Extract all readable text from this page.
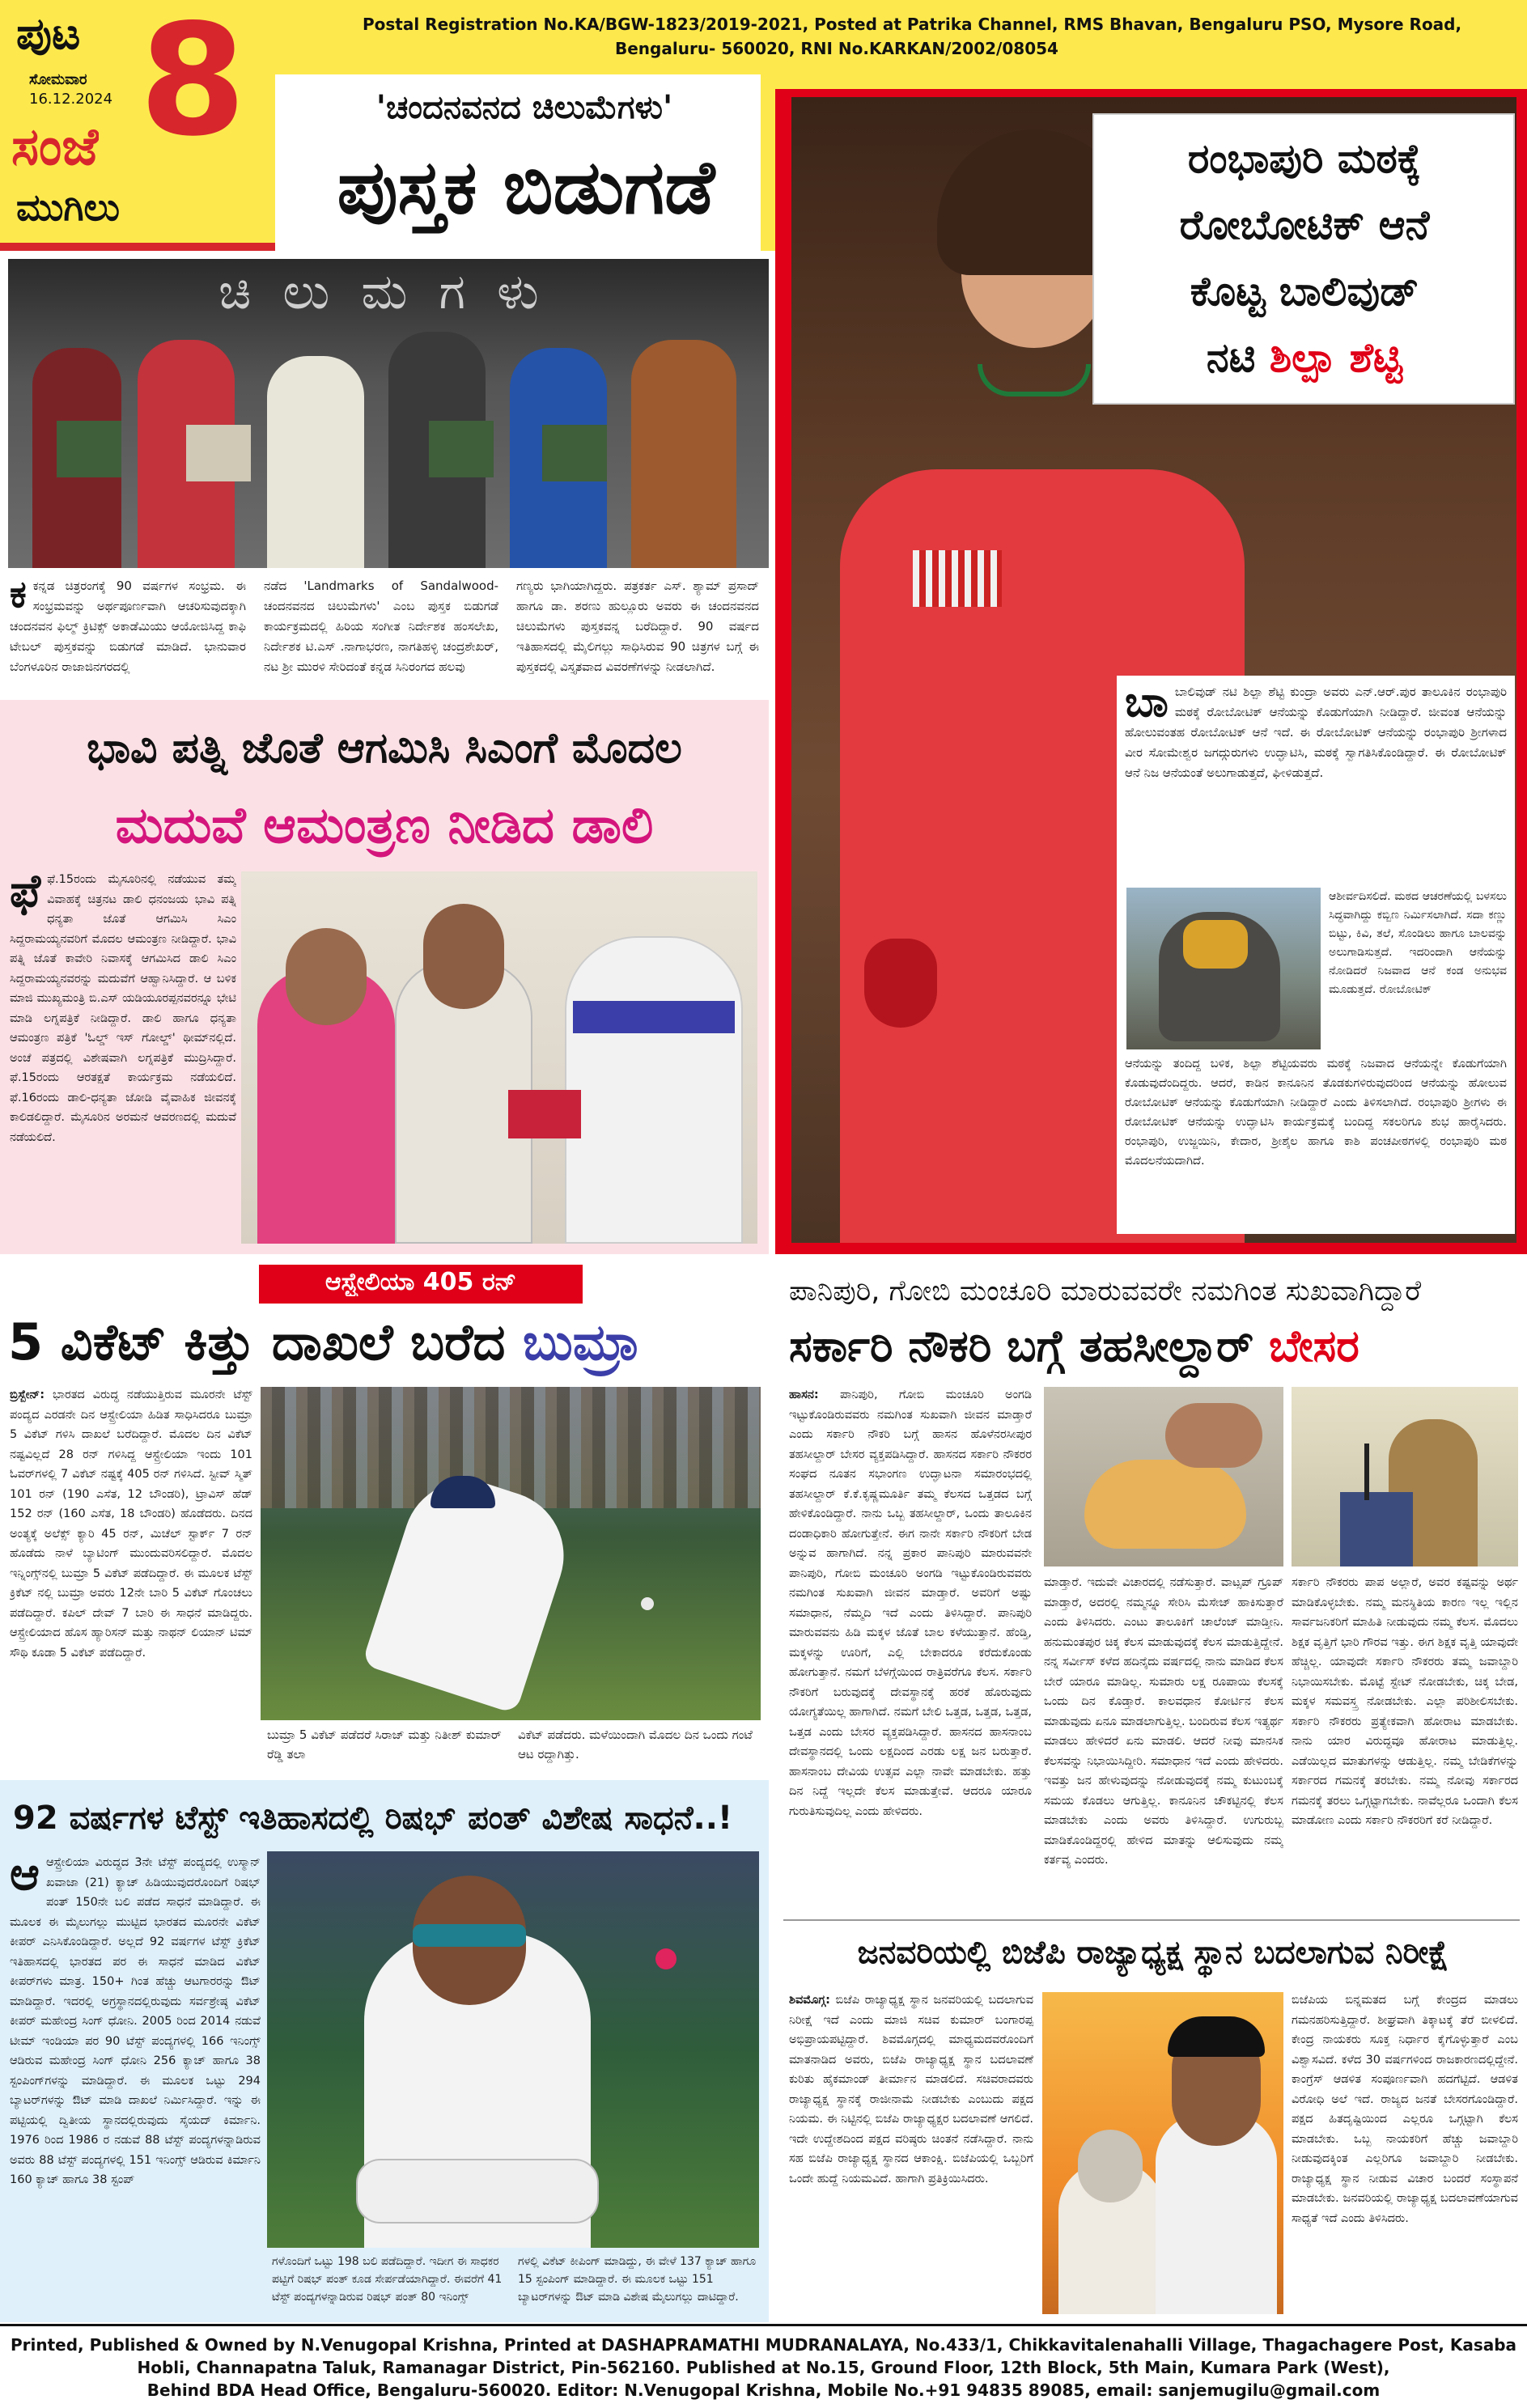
ಪುಟ
ಸೋಮವಾರ
16.12.2024 8
ಸಂಜೆ
ಮುಗಿಲು
Postal Registration No.KA/BGW-1823/2019-2021, Posted at Patrika Channel, RMS Bhavan, Bengaluru PSO, Mysore Road,
Bengaluru- 560020, RNI No.KARKAN/2002/08054
'ಚಂದನವನದ ಚಿಲುಮೆಗಳು'
ಪುಸ್ತಕ ಬಿಡುಗಡೆ
ಚಿ ಲು ಮ ಗ ಳು
ಕಕನ್ನಡ ಚಿತ್ರರಂಗಕ್ಕೆ 90 ವರ್ಷಗಳ ಸಂಭ್ರಮ. ಈ ಸಂಭ್ರಮವನ್ನು ಅರ್ಥಪೂರ್ಣವಾಗಿ ಆಚರಿಸುವುದಕ್ಕಾಗಿ ಚಂದನವನ ಫಿಲ್ಮ್ ಕ್ರಿಟಿಕ್ಸ್ ಅಕಾಡೆಮಿಯು ಆಯೋಜಿಸಿದ್ದ ಕಾಫಿ ಟೇಬಲ್ ಪುಸ್ತಕವನ್ನು ಬಿಡುಗಡೆ ಮಾಡಿದೆ. ಭಾನುವಾರ ಬೆಂಗಳೂರಿನ ರಾಜಾಜಿನಗರದಲ್ಲಿ
ನಡೆದ 'Landmarks of Sandalwood- ಚಂದನವನದ ಚಿಲುಮೆಗಳು' ಎಂಬ ಪುಸ್ತಕ ಬಿಡುಗಡೆ ಕಾರ್ಯಕ್ರಮದಲ್ಲಿ ಹಿರಿಯ ಸಂಗೀತ ನಿರ್ದೇಶಕ ಹಂಸಲೇಖ, ನಿರ್ದೇಶಕ ಟಿ.ಎಸ್ .ನಾಗಾಭರಣ, ನಾಗತಿಹಳ್ಳಿ ಚಂದ್ರಶೇಖರ್, ನಟ ಶ್ರೀ ಮುರಳಿ ಸೇರಿದಂತೆ ಕನ್ನಡ ಸಿನಿರಂಗದ ಹಲವು
ಗಣ್ಯರು ಭಾಗಿಯಾಗಿದ್ದರು. ಪತ್ರಕರ್ತ ಎಸ್. ಶ್ಯಾಮ್ ಪ್ರಸಾದ್ ಹಾಗೂ ಡಾ. ಶರಣು ಹುಲ್ಲೂರು ಅವರು ಈ ಚಂದನವನದ ಚಿಲುಮೆಗಳು ಪುಸ್ತಕವನ್ನ ಬರೆದಿದ್ದಾರೆ. 90 ವರ್ಷದ ಇತಿಹಾಸದಲ್ಲಿ ಮೈಲಿಗಲ್ಲು ಸಾಧಿಸಿರುವ 90 ಚಿತ್ರಗಳ ಬಗ್ಗೆ ಈ ಪುಸ್ತಕದಲ್ಲಿ ವಿಸ್ತೃತವಾದ ವಿವರಣೆಗಳನ್ನು ನೀಡಲಾಗಿದೆ.
ರಂಭಾಪುರಿ ಮಠಕ್ಕೆ
ರೋಬೋಟಿಕ್ ಆನೆ
ಕೊಟ್ಟ ಬಾಲಿವುಡ್
ನಟಿ ಶಿಲ್ಪಾ ಶೆಟ್ಟಿ
ಬಾಬಾಲಿವುಡ್ ನಟಿ ಶಿಲ್ಪಾ ಶೆಟ್ಟಿ ಕುಂದ್ರಾ ಅವರು ಎನ್.ಆರ್.ಪುರ ತಾಲೂಕಿನ ರಂಭಾಪುರಿ ಮಠಕ್ಕೆ ರೋಬೋಟಿಕ್ ಆನೆಯನ್ನು ಕೊಡುಗೆಯಾಗಿ ನೀಡಿದ್ದಾರೆ. ಜೀವಂತ ಆನೆಯನ್ನು ಹೋಲುವಂತಹ ರೋಬೋಟಿಕ್ ಆನೆ ಇದೆ. ಈ ರೋಬೋಟಿಕ್ ಆನೆಯನ್ನು ರಂಭಾಪುರಿ ಶ್ರೀಗಳಾದ ವೀರ ಸೋಮೇಶ್ವರ ಜಗದ್ಗುರುಗಳು ಉದ್ಘಾಟಿಸಿ, ಮಠಕ್ಕೆ ಸ್ವಾಗತಿಸಿಕೊಂಡಿದ್ದಾರೆ. ಈ ರೋಬೋಟಿಕ್ ಆನೆ ನಿಜ ಆನೆಯಂತೆ ಅಲುಗಾಡುತ್ತದೆ, ಘೀಳಿಡುತ್ತದೆ.
ಆಶೀರ್ವದಿಸಲಿದೆ. ಮಠದ ಆಚರಣೆಯಲ್ಲಿ ಬಳಸಲು ಸಿದ್ಧವಾಗಿದ್ದು ಕಬ್ಬಿಣ ನಿರ್ಮಿಸಲಾಗಿದೆ. ಸದಾ ಕಣ್ಣು ಬಿಟ್ಟು, ಕಿವಿ, ತಲೆ, ಸೊಂಡಿಲು ಹಾಗೂ ಬಾಲವನ್ನು ಅಲುಗಾಡಿಸುತ್ತದೆ. ಇದರಿಂದಾಗಿ ಆನೆಯನ್ನು ನೋಡಿದರೆ ನಿಜವಾದ ಆನೆ ಕಂಡ ಅನುಭವ ಮೂಡುತ್ತದೆ. ರೋಬೋಟಿಕ್
ಆನೆಯನ್ನು ತಂದಿದ್ದ ಬಳಿಕ, ಶಿಲ್ಪಾ ಶೆಟ್ಟಿಯವರು ಮಠಕ್ಕೆ ನಿಜವಾದ ಆನೆಯನ್ನೇ ಕೊಡುಗೆಯಾಗಿ ಕೊಡುವುದೆಂದಿದ್ದರು. ಆದರೆ, ಕಾಡಿನ ಕಾನೂನಿನ ತೊಡಕುಗಳಿರುವುದರಿಂದ ಆನೆಯನ್ನು ಹೋಲುವ ರೋಬೋಟಿಕ್ ಆನೆಯನ್ನು ಕೊಡುಗೆಯಾಗಿ ನೀಡಿದ್ದಾರೆ ಎಂದು ತಿಳಿಸಲಾಗಿದೆ. ರಂಭಾಪುರಿ ಶ್ರೀಗಳು ಈ ರೋಬೋಟಿಕ್ ಆನೆಯನ್ನು ಉದ್ಘಾಟಿಸಿ ಕಾರ್ಯಕ್ರಮಕ್ಕೆ ಬಂದಿದ್ದ ಸಕಲರಿಗೂ ಶುಭ ಹಾರೈಸಿದರು. ರಂಭಾಪುರಿ, ಉಜ್ಜಯಿನಿ, ಕೇದಾರ, ಶ್ರೀಶೈಲ ಹಾಗೂ ಕಾಶಿ ಪಂಚಪೀಠಗಳಲ್ಲಿ ರಂಭಾಪುರಿ ಮಠ ಮೊದಲನೆಯದಾಗಿದೆ.
ಭಾವಿ ಪತ್ನಿ ಜೊತೆ ಆಗಮಿಸಿ ಸಿಎಂಗೆ ಮೊದಲ
ಮದುವೆ ಆಮಂತ್ರಣ ನೀಡಿದ ಡಾಲಿ
ಫೆಫೆ.15ರಂದು ಮೈಸೂರಿನಲ್ಲಿ ನಡೆಯುವ ತಮ್ಮ ವಿವಾಹಕ್ಕೆ ಚಿತ್ರನಟ ಡಾಲಿ ಧನಂಜಯ ಭಾವಿ ಪತ್ನಿ ಧನ್ಯತಾ ಜೊತೆ ಆಗಮಿಸಿ ಸಿಎಂ ಸಿದ್ದರಾಮಯ್ಯನವರಿಗೆ ಮೊದಲ ಆಮಂತ್ರಣ ನೀಡಿದ್ದಾರೆ. ಭಾವಿ ಪತ್ನಿ ಜೊತೆ ಕಾವೇರಿ ನಿವಾಸಕ್ಕೆ ಆಗಮಿಸಿದ ಡಾಲಿ ಸಿಎಂ ಸಿದ್ದರಾಮಯ್ಯನವರನ್ನು ಮದುವೆಗೆ ಆಹ್ವಾನಿಸಿದ್ದಾರೆ. ಆ ಬಳಿಕ ಮಾಜಿ ಮುಖ್ಯಮಂತ್ರಿ ಬಿ.ಎಸ್ ಯಡಿಯೂರಪ್ಪನವರನ್ನೂ ಭೇಟಿ ಮಾಡಿ ಲಗ್ನಪತ್ರಿಕೆ ನೀಡಿದ್ದಾರೆ. ಡಾಲಿ ಹಾಗೂ ಧನ್ಯತಾ ಆಮಂತ್ರಣ ಪತ್ರಿಕೆ 'ಓಲ್ಡ್ ಇಸ್ ಗೋಲ್ಡ್' ಥೀಮ್‌ನಲ್ಲಿದೆ. ಅಂಚೆ ಪತ್ರದಲ್ಲಿ ವಿಶೇಷವಾಗಿ ಲಗ್ನಪತ್ರಿಕೆ ಮುದ್ರಿಸಿದ್ದಾರೆ. ಫೆ.15ರಂದು ಆರತಕ್ಷತೆ ಕಾರ್ಯಕ್ರಮ ನಡೆಯಲಿದೆ. ಫೆ.16ರಂದು ಡಾಲಿ-ಧನ್ಯತಾ ಜೋಡಿ ವೈವಾಹಿಕ ಜೀವನಕ್ಕೆ ಕಾಲಿಡಲಿದ್ದಾರೆ. ಮೈಸೂರಿನ ಅರಮನೆ ಆವರಣದಲ್ಲಿ ಮದುವೆ ನಡೆಯಲಿದೆ.
ಆಸ್ಟ್ರೇಲಿಯಾ 405 ರನ್
5 ವಿಕೆಟ್ ಕಿತ್ತು ದಾಖಲೆ ಬರೆದ ಬುಮ್ರಾ
ಬ್ರಿಸ್ಬೇನ್: ಭಾರತದ ವಿರುದ್ಧ ನಡೆಯುತ್ತಿರುವ ಮೂರನೇ ಟೆಸ್ಟ್ ಪಂದ್ಯದ ಎರಡನೇ ದಿನ ಆಸ್ಟ್ರೇಲಿಯಾ ಹಿಡಿತ ಸಾಧಿಸಿದರೂ ಬುಮ್ರಾ 5 ವಿಕೆಟ್ ಗಳಿಸಿ ದಾಖಲೆ ಬರೆದಿದ್ದಾರೆ. ಮೊದಲ ದಿನ ವಿಕೆಟ್ ನಷ್ಟವಿಲ್ಲದೆ 28 ರನ್ ಗಳಿಸಿದ್ದ ಆಸ್ಟ್ರೇಲಿಯಾ ಇಂದು 101 ಓವರ್‌ಗಳಲ್ಲಿ 7 ವಿಕೆಟ್ ನಷ್ಟಕ್ಕೆ 405 ರನ್ ಗಳಿಸಿದೆ. ಸ್ಟೀವ್ ಸ್ಮಿತ್ 101 ರನ್ (190 ಎಸೆತ, 12 ಬೌಂಡರಿ), ಟ್ರಾವಿಸ್ ಹೆಡ್ 152 ರನ್ (160 ಎಸೆತ, 18 ಬೌಂಡರಿ) ಹೊಡೆದರು. ದಿನದ ಅಂತ್ಯಕ್ಕೆ ಅಲೆಕ್ಸ್ ಕ್ಯಾರಿ 45 ರನ್, ಮಿಚೆಲ್ ಸ್ಟಾರ್ಕ್ 7 ರನ್ ಹೊಡೆದು ನಾಳೆ ಬ್ಯಾಟಿಂಗ್ ಮುಂದುವರಿಸಲಿದ್ದಾರೆ. ಮೊದಲ ಇನ್ನಿಂಗ್ಸ್‌ನಲ್ಲಿ ಬುಮ್ರಾ 5 ವಿಕೆಟ್ ಪಡೆದಿದ್ದಾರೆ. ಈ ಮೂಲಕ ಟೆಸ್ಟ್ ಕ್ರಿಕೆಟ್ ನಲ್ಲಿ ಬುಮ್ರಾ ಅವರು 12ನೇ ಬಾರಿ 5 ವಿಕೆಟ್ ಗೊಂಚಲು ಪಡೆದಿದ್ದಾರೆ. ಕಪಿಲ್ ದೇವ್ 7 ಬಾರಿ ಈ ಸಾಧನೆ ಮಾಡಿದ್ದರು. ಆಸ್ಟ್ರೇಲಿಯಾದ ಹೊಸ ಹ್ಯಾರಿಸನ್ ಮತ್ತು ನಾಥನ್ ಲಿಯಾನ್ ಟಿಮ್ ಸೌಥಿ ಕೂಡಾ 5 ವಿಕೆಟ್ ಪಡೆದಿದ್ದಾರೆ.
ಬುಮ್ರಾ 5 ವಿಕೆಟ್ ಪಡೆದರೆ ಸಿರಾಜ್ ಮತ್ತು ನಿತೀಶ್ ಕುಮಾರ್ ರೆಡ್ಡಿ ತಲಾ
ವಿಕೆಟ್ ಪಡೆದರು. ಮಳೆಯಿಂದಾಗಿ ಮೊದಲ ದಿನ ಒಂದು ಗಂಟೆ ಆಟ ರದ್ದಾಗಿತ್ತು.
92 ವರ್ಷಗಳ ಟೆಸ್ಟ್ ಇತಿಹಾಸದಲ್ಲಿ ರಿಷಭ್ ಪಂತ್ ವಿಶೇಷ ಸಾಧನೆ..!
ಆಆಸ್ಟ್ರೇಲಿಯಾ ವಿರುದ್ಧದ 3ನೇ ಟೆಸ್ಟ್ ಪಂದ್ಯದಲ್ಲಿ ಉಸ್ಮಾನ್ ಖವಾಜಾ (21) ಕ್ಯಾಚ್ ಹಿಡಿಯುವುದರೊಂದಿಗೆ ರಿಷಭ್ ಪಂತ್ 150ನೇ ಬಲಿ ಪಡೆದ ಸಾಧನೆ ಮಾಡಿದ್ದಾರೆ. ಈ ಮೂಲಕ ಈ ಮೈಲುಗಲ್ಲು ಮುಟ್ಟಿದ ಭಾರತದ ಮೂರನೇ ವಿಕೆಟ್ ಕೀಪರ್ ಎನಿಸಿಕೊಂಡಿದ್ದಾರೆ. ಅಲ್ಲದೆ 92 ವರ್ಷಗಳ ಟೆಸ್ಟ್ ಕ್ರಿಕೆಟ್ ಇತಿಹಾಸದಲ್ಲಿ ಭಾರತದ ಪರ ಈ ಸಾಧನೆ ಮಾಡಿದ ವಿಕೆಟ್ ಕೀಪರ್‌ಗಳು ಮಾತ್ರ. 150+ ಗಿಂತ ಹೆಚ್ಚು ಆಟಗಾರರನ್ನು ಔಟ್ ಮಾಡಿದ್ದಾರೆ. ಇದರಲ್ಲಿ ಅಗ್ರಸ್ಥಾನದಲ್ಲಿರುವುದು ಸರ್ವಶ್ರೇಷ್ಠ ವಿಕೆಟ್ ಕೀಪರ್ ಮಹೇಂದ್ರ ಸಿಂಗ್ ಧೋನಿ. 2005 ರಿಂದ 2014 ನಡುವೆ ಟೀಮ್ ಇಂಡಿಯಾ ಪರ 90 ಟೆಸ್ಟ್ ಪಂದ್ಯಗಳಲ್ಲಿ 166 ಇನಿಂಗ್ಸ್ ಆಡಿರುವ ಮಹೇಂದ್ರ ಸಿಂಗ್ ಧೋನಿ 256 ಕ್ಯಾಚ್ ಹಾಗೂ 38 ಸ್ಟಂಪಿಂಗ್‌ಗಳನ್ನು ಮಾಡಿದ್ದಾರೆ. ಈ ಮೂಲಕ ಒಟ್ಟು 294 ಬ್ಯಾಟರ್‌ಗಳನ್ನು ಔಟ್ ಮಾಡಿ ದಾಖಲೆ ನಿರ್ಮಿಸಿದ್ದಾರೆ. ಇನ್ನು ಈ ಪಟ್ಟಿಯಲ್ಲಿ ದ್ವಿತೀಯ ಸ್ಥಾನದಲ್ಲಿರುವುದು ಸೈಯದ್ ಕಿರ್ಮಾನಿ. 1976 ರಿಂದ 1986 ರ ನಡುವೆ 88 ಟೆಸ್ಟ್ ಪಂದ್ಯಗಳನ್ನಾಡಿರುವ ಅವರು 88 ಟೆಸ್ಟ್ ಪಂದ್ಯಗಳಲ್ಲಿ 151 ಇನಿಂಗ್ಸ್ ಆಡಿರುವ ಕಿರ್ಮಾನಿ 160 ಕ್ಯಾಚ್ ಹಾಗೂ 38 ಸ್ಟಂಪ್
ಗಳೊಂದಿಗೆ ಒಟ್ಟು 198 ಬಲಿ ಪಡೆದಿದ್ದಾರೆ. ಇದೀಗ ಈ ಸಾಧಕರ ಪಟ್ಟಿಗೆ ರಿಷಭ್ ಪಂತ್ ಕೂಡ ಸೇರ್ಪಡೆಯಾಗಿದ್ದಾರೆ. ಈವರೆಗೆ 41 ಟೆಸ್ಟ್ ಪಂದ್ಯಗಳನ್ನಾಡಿರುವ ರಿಷಭ್ ಪಂತ್ 80 ಇನಿಂಗ್ಸ್
ಗಳಲ್ಲಿ ವಿಕೆಟ್ ಕೀಪಿಂಗ್ ಮಾಡಿದ್ದು, ಈ ವೇಳೆ 137 ಕ್ಯಾಚ್ ಹಾಗೂ 15 ಸ್ಟಂಪಿಂಗ್ ಮಾಡಿದ್ದಾರೆ. ಈ ಮೂಲಕ ಒಟ್ಟು 151 ಬ್ಯಾಟರ್‌ಗಳನ್ನು ಔಟ್ ಮಾಡಿ ವಿಶೇಷ ಮೈಲುಗಲ್ಲು ದಾಟಿದ್ದಾರೆ.
ಪಾನಿಪುರಿ, ಗೋಬಿ ಮಂಚೂರಿ ಮಾರುವವರೇ ನಮಗಿಂತ ಸುಖವಾಗಿದ್ದಾರೆ
ಸರ್ಕಾರಿ ನೌಕರಿ ಬಗ್ಗೆ ತಹಸೀಲ್ದಾರ್ ಬೇಸರ
ಹಾಸನ: ಪಾನಿಪುರಿ, ಗೋಬಿ ಮಂಚೂರಿ ಅಂಗಡಿ ಇಟ್ಟುಕೊಂಡಿರುವವರು ನಮಗಿಂತ ಸುಖವಾಗಿ ಜೀವನ ಮಾಡ್ತಾರೆ ಎಂದು ಸರ್ಕಾರಿ ನೌಕರಿ ಬಗ್ಗೆ ಹಾಸನ ಹೊಳೆನರಸೀಪುರ ತಹಸೀಲ್ದಾರ್ ಬೇಸರ ವ್ಯಕ್ತಪಡಿಸಿದ್ದಾರೆ. ಹಾಸನದ ಸರ್ಕಾರಿ ನೌಕರರ ಸಂಘದ ನೂತನ ಸಭಾಂಗಣ ಉದ್ಘಾಟನಾ ಸಮಾರಂಭದಲ್ಲಿ ತಹಸೀಲ್ದಾರ್ ಕೆ.ಕೆ.ಕೃಷ್ಣಮೂರ್ತಿ ತಮ್ಮ ಕೆಲಸದ ಒತ್ತಡದ ಬಗ್ಗೆ ಹೇಳಿಕೊಂಡಿದ್ದಾರೆ. ನಾನು ಒಬ್ಬ ತಹಸೀಲ್ದಾರ್, ಒಂದು ತಾಲೂಕಿನ ದಂಡಾಧಿಕಾರಿ ಹೋಗುತ್ತೇನೆ. ಈಗ ನಾನೇ ಸರ್ಕಾರಿ ನೌಕರಿಗೆ ಬೇಡ ಅನ್ನುವ ಹಾಗಾಗಿದೆ. ನನ್ನ ಪ್ರಕಾರ ಪಾನಿಪುರಿ ಮಾರುವವನೇ ಪಾನಿಪುರಿ, ಗೋಬಿ ಮಂಚೂರಿ ಅಂಗಡಿ ಇಟ್ಟುಕೊಂಡಿರುವವರು ನಮಗಿಂತ ಸುಖವಾಗಿ ಜೀವನ ಮಾಡ್ತಾರೆ. ಅವರಿಗೆ ಅಷ್ಟು ಸಮಾಧಾನ, ನೆಮ್ಮದಿ ಇದೆ ಎಂದು ತಿಳಿಸಿದ್ದಾರೆ. ಪಾನಿಪುರಿ ಮಾರುವವನು ಹಿಡಿ ಮಕ್ಕಳ ಜೊತೆ ಬಾಲ ಕಳೆಯುತ್ತಾನೆ. ಹೆಂಡ್ತಿ, ಮಕ್ಕಳನ್ನು ಊರಿಗೆ, ಎಲ್ಲಿ ಬೇಕಾದರೂ ಕರೆದುಕೊಂಡು ಹೋಗುತ್ತಾನೆ. ನಮಗೆ ಬೆಳಗ್ಗೆಯಿಂದ ರಾತ್ರಿವರೆಗೂ ಕೆಲಸ. ಸರ್ಕಾರಿ ನೌಕರಿಗೆ ಬರುವುದಕ್ಕೆ ದೇವಸ್ಥಾನಕ್ಕೆ ಹರಕೆ ಹೊರುವುದು ಯೋಗ್ಯತೆಯಿಲ್ಲ ಹಾಗಾಗಿದೆ. ನಮಗೆ ಬೇಲಿ ಒತ್ತಡ, ಒತ್ತಡ, ಒತ್ತಡ, ಒತ್ತಡ ಎಂದು ಬೇಸರ ವ್ಯಕ್ತಪಡಿಸಿದ್ದಾರೆ. ಹಾಸನದ ಹಾಸನಾಂಬ ದೇವಸ್ಥಾನದಲ್ಲಿ ಒಂದು ಲಕ್ಷದಿಂದ ಎರಡು ಲಕ್ಷ ಜನ ಬರುತ್ತಾರೆ. ಹಾಸನಾಂಬ ದೇವಿಯ ಉತ್ಸವ ಎಲ್ಲಾ ನಾವೇ ಮಾಡಬೇಕು. ಹತ್ತು ದಿನ ನಿದ್ದೆ ಇಲ್ಲದೇ ಕೆಲಸ ಮಾಡುತ್ತೇವೆ. ಆದರೂ ಯಾರೂ ಗುರುತಿಸುವುದಿಲ್ಲ ಎಂದು ಹೇಳಿದರು.
ಮಾಡ್ತಾರೆ. ಇದುವೇ ವಿಚಾರದಲ್ಲಿ ನಡೆಸುತ್ತಾರೆ. ವಾಟ್ಸಪ್ ಗ್ರೂಪ್ ಮಾಡ್ತಾರೆ, ಅದರಲ್ಲಿ ನಮ್ಮನ್ನೂ ಸೇರಿಸಿ ಮೆಸೇಜ್ ಹಾಕಿಸುತ್ತಾರೆ ಎಂದು ತಿಳಿಸಿದರು. ಎಂಟು ತಾಲೂಕಿಗೆ ಚಾಲೆಂಜ್ ಮಾಡ್ತೀನಿ. ಹನುಮಂತಪುರ ಚಿಕ್ಕ ಕೆಲಸ ಮಾಡುವುದಕ್ಕೆ ಕೆಲಸ ಮಾಡುತ್ತಿದ್ದೇನೆ. ನನ್ನ ಸರ್ವೀಸ್ ಕಳೆದ ಹದಿನೈದು ವರ್ಷದಲ್ಲಿ ನಾನು ಮಾಡಿದ ಕೆಲಸ ಬೇರೆ ಯಾರೂ ಮಾಡಿಲ್ಲ. ಸುಮಾರು ಲಕ್ಷ ರೂಪಾಯಿ ಕೆಲಸಕ್ಕೆ ಒಂದು ದಿನ ಕೊಡ್ತಾರೆ. ಕಾಲವಧಾನ ಕೋರ್ಟಿನ ಕೆಲಸ ಮಾಡುವುದು ಏನೂ ಮಾಡಲಾಗುತ್ತಿಲ್ಲ. ಬಂದಿರುವ ಕೆಲಸ ಇತ್ಯರ್ಥ ಮಾಡಲು ಹೇಳಿದರೆ ಏನು ಮಾಡಲಿ. ಆದರೆ ನೀವು ಮಾನಸಿಕ ಕೆಲಸವನ್ನು ನಿಭಾಯಿಸಿದ್ದೀರಿ. ಸಮಾಧಾನ ಇದೆ ಎಂದು ಹೇಳಿದರು. ಇವತ್ತು ಜನ ಹೇಳುವುದನ್ನು ನೋಡುವುದಕ್ಕೆ ನಮ್ಮ ಕುಟುಂಬಕ್ಕೆ ಸಮಯ ಕೊಡಲು ಆಗುತ್ತಿಲ್ಲ. ಕಾನೂನಿನ ಚೌಕಟ್ಟಿನಲ್ಲಿ ಕೆಲಸ ಮಾಡಬೇಕು ಎಂದು ಅವರು ತಿಳಿಸಿದ್ದಾರೆ. ಉಗುರುಬ್ಬ ಮಾಡಿಕೊಂಡಿದ್ದರಲ್ಲಿ ಹೇಳಿದ ಮಾತನ್ನು ಆಲಿಸುವುದು ನಮ್ಮ ಕರ್ತವ್ಯ ಎಂದರು.
ಸರ್ಕಾರಿ ನೌಕರರು ಪಾಪ ಅಲ್ಲಾರೆ, ಅವರ ಕಷ್ಟವನ್ನು ಅರ್ಥ ಮಾಡಿಕೊಳ್ಳಬೇಕು. ನಮ್ಮ ಮನಸ್ಥಿತಿಯ ಕಾರಣ ಇಲ್ಲ ಇಲ್ಲಿನ ಸಾರ್ವಜನಿಕರಿಗೆ ಮಾಹಿತಿ ನೀಡುವುದು ನಮ್ಮ ಕೆಲಸ. ಮೊದಲು ಶಿಕ್ಷಕ ವೃತ್ತಿಗೆ ಭಾರಿ ಗೌರವ ಇತ್ತು. ಈಗ ಶಿಕ್ಷಕ ವೃತ್ತಿ ಯಾವುದೇ ಹೆಚ್ಚಿಲ್ಲ. ಯಾವುದೇ ಸರ್ಕಾರಿ ನೌಕರರು ತಮ್ಮ ಜವಾಬ್ದಾರಿ ನಿಭಾಯಿಸಬೇಕು. ಮೊಟ್ಟೆ ಸ್ಟೇಟ್ ನೋಡಬೇಕು, ಚಿಕ್ಕ ಬೇಡ, ಮಕ್ಕಳ ಸಮವಸ್ತ್ರ ನೋಡಬೇಕು. ಎಲ್ಲಾ ಪರಿಶೀಲಿಸಬೇಕು. ಸರ್ಕಾರಿ ನೌಕರರು ಪ್ರತ್ಯೇಕವಾಗಿ ಹೋರಾಟ ಮಾಡಬೇಕು. ನಾನು ಯಾರ ವಿರುದ್ಧವೂ ಹೋರಾಟ ಮಾಡುತ್ತಿಲ್ಲ. ಎಡೆಯಿಲ್ಲದ ಮಾತುಗಳನ್ನು ಆಡುತ್ತಿಲ್ಲ. ನಮ್ಮ ಬೇಡಿಕೆಗಳನ್ನು ಸರ್ಕಾರದ ಗಮನಕ್ಕೆ ತರಬೇಕು. ನಮ್ಮ ನೋವು ಸರ್ಕಾರದ ಗಮನಕ್ಕೆ ತರಲು ಒಗ್ಗಟ್ಟಾಗಬೇಕು. ನಾವೆಲ್ಲರೂ ಒಂದಾಗಿ ಕೆಲಸ ಮಾಡೋಣ ಎಂದು ಸರ್ಕಾರಿ ನೌಕರರಿಗೆ ಕರೆ ನೀಡಿದ್ದಾರೆ.
ಜನವರಿಯಲ್ಲಿ ಬಿಜೆಪಿ ರಾಜ್ಯಾಧ್ಯಕ್ಷ ಸ್ಥಾನ ಬದಲಾಗುವ ನಿರೀಕ್ಷೆ
ಶಿವಮೊಗ್ಗ: ಬಿಜೆಪಿ ರಾಜ್ಯಾಧ್ಯಕ್ಷ ಸ್ಥಾನ ಜನವರಿಯಲ್ಲಿ ಬದಲಾಗುವ ನಿರೀಕ್ಷೆ ಇದೆ ಎಂದು ಮಾಜಿ ಸಚಿವ ಕುಮಾರ್ ಬಂಗಾರಪ್ಪ ಅಭಿಪ್ರಾಯಪಟ್ಟಿದ್ದಾರೆ. ಶಿವಮೊಗ್ಗದಲ್ಲಿ ಮಾಧ್ಯಮದವರೊಂದಿಗೆ ಮಾತನಾಡಿದ ಅವರು, ಬಿಜೆಪಿ ರಾಜ್ಯಾಧ್ಯಕ್ಷ ಸ್ಥಾನ ಬದಲಾವಣೆ ಕುರಿತು ಹೈಕಮಾಂಡ್ ತೀರ್ಮಾನ ಮಾಡಲಿದೆ. ಸಚಿವರಾದವರು ರಾಜ್ಯಾಧ್ಯಕ್ಷ ಸ್ಥಾನಕ್ಕೆ ರಾಜೀನಾಮೆ ನೀಡಬೇಕು ಎಂಬುದು ಪಕ್ಷದ ನಿಯಮ. ಈ ನಿಟ್ಟಿನಲ್ಲಿ ಬಿಜೆಪಿ ರಾಜ್ಯಾಧ್ಯಕ್ಷರ ಬದಲಾವಣೆ ಆಗಲಿದೆ. ಇದೇ ಉದ್ದೇಶದಿಂದ ಪಕ್ಷದ ವರಿಷ್ಠರು ಚಿಂತನೆ ನಡೆಸಿದ್ದಾರೆ. ನಾನು ಸಹ ಬಿಜೆಪಿ ರಾಜ್ಯಾಧ್ಯಕ್ಷ ಸ್ಥಾನದ ಆಕಾಂಕ್ಷಿ. ಬಿಜೆಪಿಯಲ್ಲಿ ಒಬ್ಬರಿಗೆ ಒಂದೇ ಹುದ್ದೆ ನಿಯಮವಿದೆ. ಹಾಗಾಗಿ ಪ್ರತಿಕ್ರಿಯಿಸಿದರು.
ಬಿಜೆಪಿಯ ಬಿನ್ನಮತದ ಬಗ್ಗೆ ಕೇಂದ್ರದ ಮಾಡಲು ಗಮನಹರಿಸುತ್ತಿದ್ದಾರೆ. ಶೀಘ್ರವಾಗಿ ತಿಕ್ಕಾಟಕ್ಕೆ ತೆರೆ ಬೀಳಲಿದೆ. ಕೇಂದ್ರ ನಾಯಕರು ಸೂಕ್ತ ನಿರ್ಧಾರ ಕೈಗೊಳ್ಳುತ್ತಾರೆ ಎಂಬ ವಿಶ್ವಾಸವಿದೆ. ಕಳೆದ 30 ವರ್ಷಗಳಿಂದ ರಾಜಕಾರಣದಲ್ಲಿದ್ದೇನೆ. ಕಾಂಗ್ರೆಸ್ ಆಡಳಿತ ಸಂಪೂರ್ಣವಾಗಿ ಹದಗೆಟ್ಟಿದೆ. ಆಡಳಿತ ವಿರೋಧಿ ಅಲೆ ಇದೆ. ರಾಜ್ಯದ ಜನತೆ ಬೇಸರಗೊಂಡಿದ್ದಾರೆ. ಪಕ್ಷದ ಹಿತದೃಷ್ಟಿಯಿಂದ ಎಲ್ಲರೂ ಒಗ್ಗಟ್ಟಾಗಿ ಕೆಲಸ ಮಾಡಬೇಕು. ಒಬ್ಬ ನಾಯಕರಿಗೆ ಹೆಚ್ಚು ಜವಾಬ್ದಾರಿ ನೀಡುವುದಕ್ಕಿಂತ ಎಲ್ಲರಿಗೂ ಜವಾಬ್ದಾರಿ ನೀಡಬೇಕು. ರಾಜ್ಯಾಧ್ಯಕ್ಷ ಸ್ಥಾನ ನೀಡುವ ವಿಚಾರ ಬಂದರೆ ಸಂಸ್ಥಾಪನೆ ಮಾಡಬೇಕು. ಜನವರಿಯಲ್ಲಿ ರಾಜ್ಯಾಧ್ಯಕ್ಷ ಬದಲಾವಣೆಯಾಗುವ ಸಾಧ್ಯತೆ ಇದೆ ಎಂದು ತಿಳಿಸಿದರು.
Printed, Published & Owned by N.Venugopal Krishna, Printed at DASHAPRAMATHI MUDRANALAYA, No.433/1, Chikkavitalenahalli Village, Thagachagere Post, Kasaba
Hobli, Channapatna Taluk, Ramanagar District, Pin-562160. Published at No.15, Ground Floor, 12th Block, 5th Main, Kumara Park (West),
Behind BDA Head Office, Bengaluru-560020. Editor: N.Venugopal Krishna, Mobile No.+91 94835 89085, email: sanjemugilu@gmail.com
